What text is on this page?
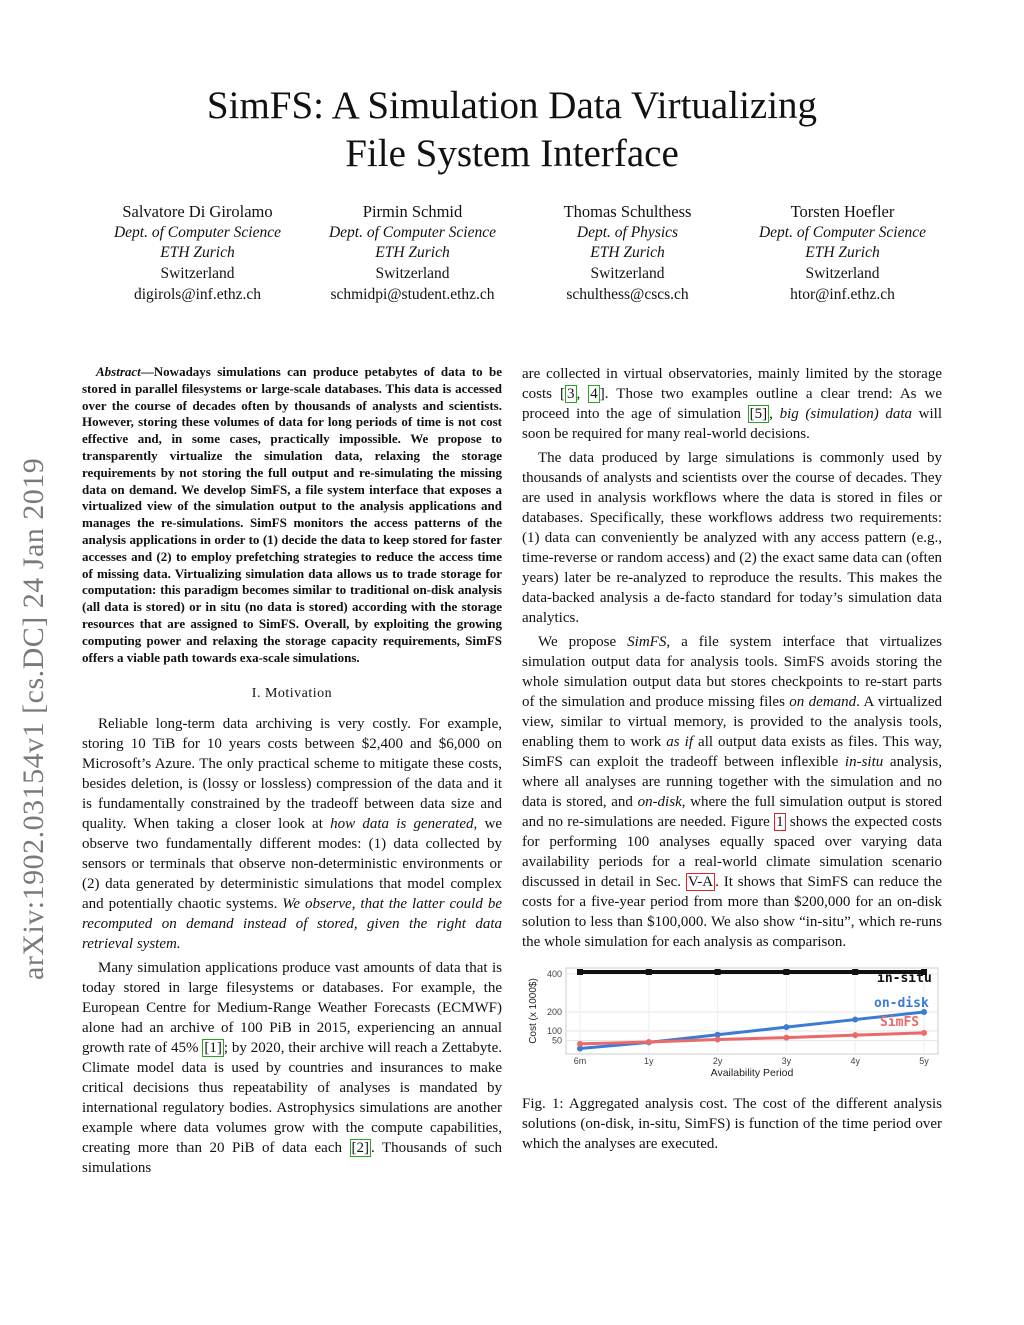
arXiv:1902.03154v1 [cs.DC] 24 Jan 2019
SimFS: A Simulation Data Virtualizing
File System Interface
Salvatore Di Girolamo
Dept. of Computer Science
ETH Zurich
Switzerland
digirols@inf.ethz.ch
Pirmin Schmid
Dept. of Computer Science
ETH Zurich
Switzerland
schmidpi@student.ethz.ch
Thomas Schulthess
Dept. of Physics
ETH Zurich
Switzerland
schulthess@cscs.ch
Torsten Hoefler
Dept. of Computer Science
ETH Zurich
Switzerland
htor@inf.ethz.ch
Abstract—Nowadays simulations can produce petabytes of data to be stored in parallel filesystems or large-scale databases. This data is accessed over the course of decades often by thousands of analysts and scientists. However, storing these volumes of data for long periods of time is not cost effective and, in some cases, practically impossible. We propose to transparently virtualize the simulation data, relaxing the storage requirements by not storing the full output and re-simulating the missing data on demand. We develop SimFS, a file system interface that exposes a virtualized view of the simulation output to the analysis applications and manages the re-simulations. SimFS monitors the access patterns of the analysis applications in order to (1) decide the data to keep stored for faster accesses and (2) to employ prefetching strategies to reduce the access time of missing data. Virtualizing simulation data allows us to trade storage for computation: this paradigm becomes similar to traditional on-disk analysis (all data is stored) or in situ (no data is stored) according with the storage resources that are assigned to SimFS. Overall, by exploiting the growing computing power and relaxing the storage capacity requirements, SimFS offers a viable path towards exa-scale simulations.
I. Motivation

Reliable long-term data archiving is very costly. For example, storing 10 TiB for 10 years costs between $2,400 and $6,000 on Microsoft’s Azure. The only practical scheme to mitigate these costs, besides deletion, is (lossy or lossless) compression of the data and it is fundamentally constrained by the tradeoff between data size and quality. When taking a closer look at how data is generated, we observe two fundamentally different modes: (1) data collected by sensors or terminals that observe non-deterministic environments or (2) data generated by deterministic simulations that model complex and potentially chaotic systems. We observe, that the latter could be recomputed on demand instead of stored, given the right data retrieval system.

Many simulation applications produce vast amounts of data that is today stored in large filesystems or databases. For example, the European Centre for Medium-Range Weather Forecasts (ECMWF) alone had an archive of 100 PiB in 2015, experiencing an annual growth rate of 45% [1] ; by 2020, their archive will reach a Zettabyte. Climate model data is used by countries and insurances to make critical decisions thus repeatability of analyses is mandated by international regulatory bodies. Astrophysics simulations are another example where data volumes grow with the compute capabilities, creating more than 20 PiB of data each [2] . Thousands of such simulations

are collected in virtual observatories, mainly limited by the storage costs [ 3 , 4 ]. Those two examples outline a clear trend: As we proceed into the age of simulation [5] , big (simulation) data will soon be required for many real-world decisions.

The data produced by large simulations is commonly used by thousands of analysts and scientists over the course of decades. They are used in analysis workflows where the data is stored in files or databases. Specifically, these workflows address two requirements: (1) data can conveniently be analyzed with any access pattern (e.g., time-reverse or random access) and (2) the exact same data can (often years) later be re-analyzed to reproduce the results. This makes the data-backed analysis a de-facto standard for today’s simulation data analytics.

We propose SimFS, a file system interface that virtualizes simulation output data for analysis tools. SimFS avoids storing the whole simulation output data but stores checkpoints to re-start parts of the simulation and produce missing files on demand. A virtualized view, similar to virtual memory, is provided to the analysis tools, enabling them to work as if all output data exists as files. This way, SimFS can exploit the tradeoff between inflexible in-situ analysis, where all analyses are running together with the simulation and no data is stored, and on-disk, where the full simulation output is stored and no re-simulations are needed. Figure 1 shows the expected costs for performing 100 analyses equally spaced over varying data availability periods for a real-world climate simulation scenario discussed in detail in Sec. V-A . It shows that SimFS can reduce the costs for a five-year period from more than $200,000 for an on-disk solution to less than $100,000. We also show “in-situ”, which re-runs the whole simulation for each analysis as comparison.

50
100
200
400
6m	1y	2y	3y	4y	5y
Availability Period
Cost (x 1000$)	in-situ
on-disk
SimFS
Fig. 1: Aggregated analysis cost. The cost of the different analysis solutions (on-disk, in-situ, SimFS) is function of the time period over which the analyses are executed.
